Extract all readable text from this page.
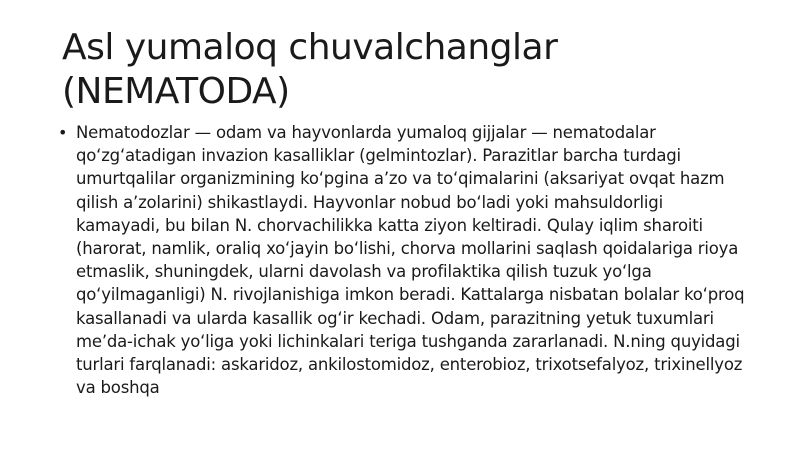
Asl yumaloq chuvalchanglar
(NEMATODA)
• Nematodozlar — odam va hayvonlarda yumaloq gijjalar — nematodalar qoʻzgʻatadigan invazion kasalliklar (gelmintozlar). Parazitlar barcha turdagi umurtqalilar organizmining koʻpgina aʼzo va toʻqimalarini (aksariyat ovqat hazm qilish aʼzolarini) shikastlaydi. Hayvonlar nobud boʻladi yoki mahsuldorligi kamayadi, bu bilan N. chorvachilikka katta ziyon keltiradi. Qulay iqlim sharoiti (harorat, namlik, oraliq xoʻjayin boʻlishi, chorva mollarini saqlash qoidalariga rioya etmaslik, shuningdek, ularni davolash va profilaktika qilish tuzuk yoʻlga qoʻyilmaganligi) N. rivojlanishiga imkon beradi. Kattalarga nisbatan bolalar koʻproq kasallanadi va ularda kasallik ogʻir kechadi. Odam, parazitning yetuk tuxumlari meʼda-ichak yoʻliga yoki lichinkalari teriga tushganda zararlanadi. N.ning quyidagi turlari farqlanadi: askaridoz, ankilostomidoz, enterobioz, trixotsefalyoz, trixinellyoz va boshqa
